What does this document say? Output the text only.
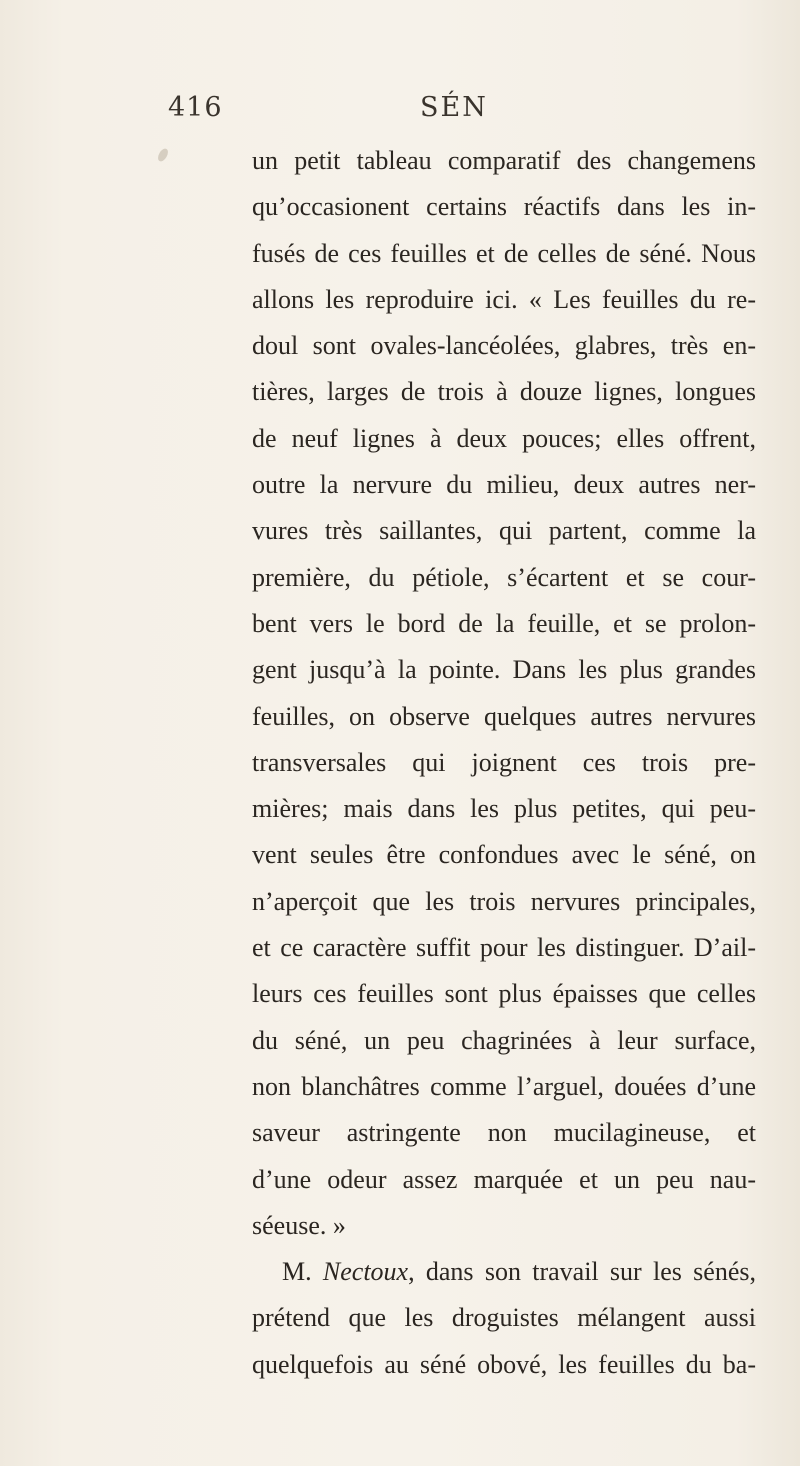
416	SÉN
un petit tableau comparatif des changemens
qu’occasionent certains réactifs dans les in-
fusés de ces feuilles et de celles de séné. Nous
allons les reproduire ici. « Les feuilles du re-
doul sont ovales-lancéolées, glabres, très en-
tières, larges de trois à douze lignes, longues
de neuf lignes à deux pouces; elles offrent,
outre la nervure du milieu, deux autres ner-
vures très saillantes, qui partent, comme la
première, du pétiole, s’écartent et se cour-
bent vers le bord de la feuille, et se prolon-
gent jusqu’à la pointe. Dans les plus grandes
feuilles, on observe quelques autres nervures
transversales qui joignent ces trois pre-
mières; mais dans les plus petites, qui peu-
vent seules être confondues avec le séné, on
n’aperçoit que les trois nervures principales,
et ce caractère suffit pour les distinguer. D’ail-
leurs ces feuilles sont plus épaisses que celles
du séné, un peu chagrinées à leur surface,
non blanchâtres comme l’arguel, douées d’une
saveur astringente non mucilagineuse, et
d’une odeur assez marquée et un peu nau-
séeuse. »
M. Nectoux, dans son travail sur les sénés,
prétend que les droguistes mélangent aussi
quelquefois au séné obové, les feuilles du ba-
